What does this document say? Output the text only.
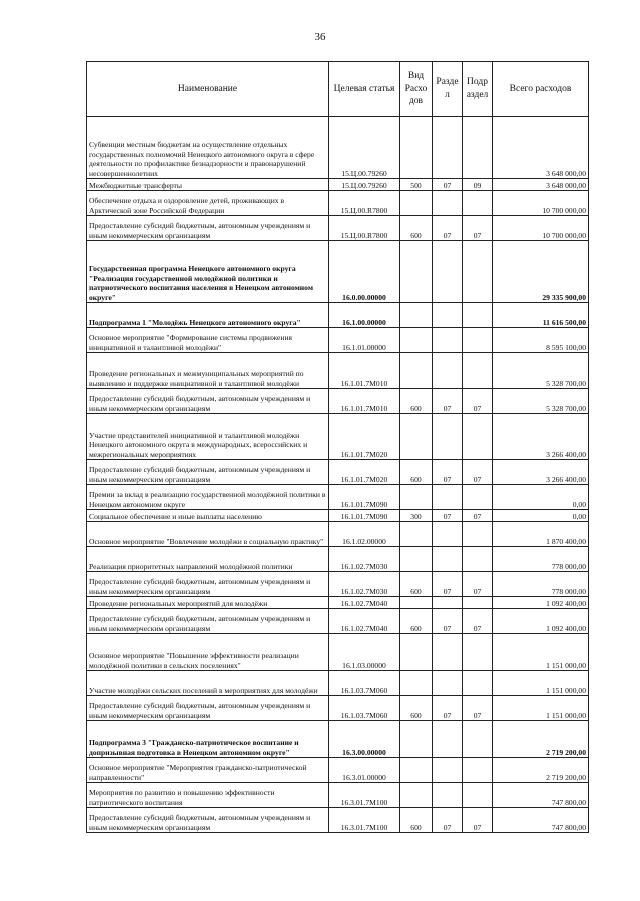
36
Наименование	Целевая статья	Вид Расхо дов	Разде л	Подр аздел	Всего расходов
Субвенции местным бюджетам на осуществление отдельных государственных полномочий Ненецкого автономного округа в сфере деятельности по профилактике безнадзорности и правонарушений несовершеннолетних	15.Ц.00.79260				3 648 000,00
Межбюджетные трансферты	15.Ц.00.79260	500	07	09	3 648 000,00
Обеспечение отдыха и оздоровление детей, проживающих в Арктической зоне Российской Федерации	15.Ц.00.R7800				10 700 000,00
Предоставление субсидий бюджетным, автономным учреждениям и иным некоммерческим организациям	15.Ц.00.R7800	600	07	07	10 700 000,00
Государственная программа Ненецкого автономного округа "Реализация государственной молодёжной политики и патриотического воспитания населения в Ненецком автономном округе"	16.0.00.00000				29 335 900,00
Подпрограмма 1 "Молодёжь Ненецкого автономного округа"	16.1.00.00000				11 616 500,00
Основное мероприятие "Формирование системы продвижения инициативной и талантливой молодёжи"	16.1.01.00000				8 595 100,00
Проведение региональных и межмуниципальных мероприятий по выявлению и поддержке инициативной и талантливой молодёжи	16.1.01.7М010				5 328 700,00
Предоставление субсидий бюджетным, автономным учреждениям и иным некоммерческим организациям	16.1.01.7М010	600	07	07	5 328 700,00
Участие представителей инициативной и талантливой молодёжи Ненецкого автономного округа в международных, всероссийских и межрегиональных мероприятиях	16.1.01.7М020				3 266 400,00
Предоставление субсидий бюджетным, автономным учреждениям и иным некоммерческим организациям	16.1.01.7М020	600	07	07	3 266 400,00
Премии за вклад в реализацию государственной молодёжной политики в Ненецком автономном округе	16.1.01.7М090				0,00
Социальное обеспечение и иные выплаты населению	16.1.01.7М090	300	07	07	0,00
Основное мероприятие "Вовлечение молодёжи в социальную практику"	16.1.02.00000				1 870 400,00
Реализация приоритетных направлений молодёжной политики	16.1.02.7М030				778 000,00
Предоставление субсидий бюджетным, автономным учреждениям и иным некоммерческим организациям	16.1.02.7М030	600	07	07	778 000,00
Проведение региональных мероприятий для молодёжи	16.1.02.7М040				1 092 400,00
Предоставление субсидий бюджетным, автономным учреждениям и иным некоммерческим организациям	16.1.02.7М040	600	07	07	1 092 400,00
Основное мероприятие "Повышение эффективности реализации молодёжной политики в сельских поселениях"	16.1.03.00000				1 151 000,00
Участие молодёжи сельских поселений в мероприятиях для молодёжи	16.1.03.7М060				1 151 000,00
Предоставление субсидий бюджетным, автономным учреждениям и иным некоммерческим организациям	16.1.03.7М060	600	07	07	1 151 000,00
Подпрограмма 3 "Гражданско-патриотическое воспитание и допризывная подготовка в Ненецком автономном округе"	16.3.00.00000				2 719 200,00
Основное мероприятие "Мероприятия гражданско-патриотической направленности"	16.3.01.00000				2 719 200,00
Мероприятия по развитию и повышению эффективности патриотического воспитания	16.3.01.7М100				747 800,00
Предоставление субсидий бюджетным, автономным учреждениям и иным некоммерческим организациям	16.3.01.7М100	600	07	07	747 800,00
